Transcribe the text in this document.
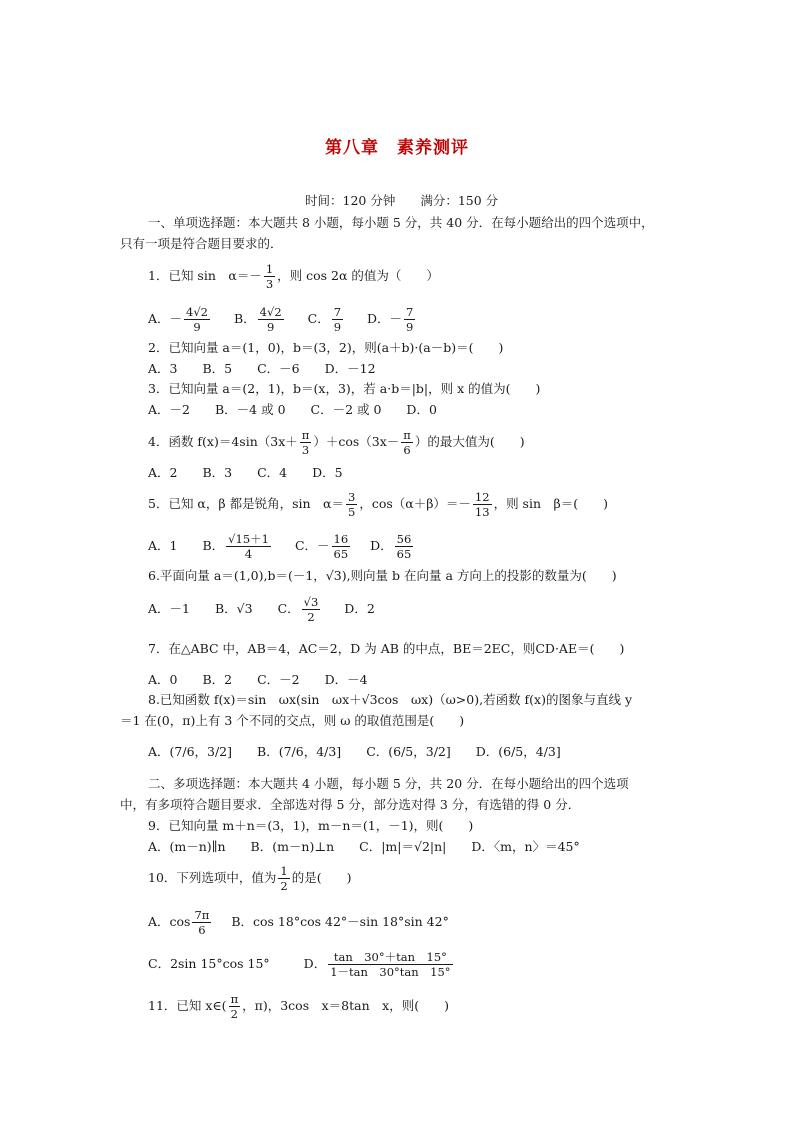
第八章　素养测评
时间：120 分钟　　满分：150 分
一、单项选择题：本大题共 8 小题，每小题 5 分，共 40 分．在每小题给出的四个选项中，
只有一项是符合题目要求的．
1．已知 sin　$\alpha=- \frac{1}{3}$ ，则 cos 2α 的值为（　　）
A．－ $\frac{4√2}{9}$ B． $\frac{4√2}{9}$ C． $\frac{7}{9}$ D．－ $\frac{7}{9}$
2．已知向量 a＝(1，0)，b＝(3，2)，则(a＋b)·(a－b)＝(　　)
A．3　　B．5　　C．－6　　D．－12
3．已知向量 a＝(2，1)，b＝(x，3)，若 a·b＝|b|，则 x 的值为(　　)
A．－2　　B．－4 或 0　　C．－2 或 0　　D．0
4．函数 $f(x)=4\sin(3x+ \frac{\pi}{3} )+\cos(3x- \frac{\pi}{6}$ ）的最大值为(　　)
A．2　　B．3　　C．4　　D．5
5．已知 α，β 都是锐角，sin　$\alpha= \frac{3}{5}$ ，$\cos(\alpha+\beta)=- \frac{12}{13}$ ，则 sin　β＝(　　)
A．1　　B． $\frac{√15+1}{4}$ C．－ $\frac{16}{65}$ D． $\frac{56}{65}$
6.平面向量 a＝(1,0),b＝(－1，√3),则向量 b 在向量 a 方向上的投影的数量为(　　)
A．－1　　B．√3　　C． $\frac{√3}{2}$ D．2
7．在△ABC 中，AB＝4，AC＝2，D 为 AB 的中点，BE＝2EC，则CD·AE＝(　　)
A．0　　B．2　　C．－2　　D．－4
8.已知函数 f(x)＝sin　ωx(sin　ωx＋√3cos　ωx)（ω>0),若函数 f(x)的图象与直线 y
＝1 在(0，π)上有 3 个不同的交点，则 ω 的取值范围是(　　)
A．(7/6，3/2]　　B．(7/6，4/3]　　C．(6/5，3/2]　　D．(6/5，4/3]
二、多项选择题：本大题共 4 小题，每小题 5 分，共 20 分．在每小题给出的四个选项
中，有多项符合题目要求．全部选对得 5 分，部分选对得 3 分，有选错的得 0 分．
9．已知向量 m＋n＝(3，1)，m－n＝(1，－1)，则(　　)
A．(m－n)∥n　　B．(m－n)⊥n　　C．|m|＝√2|n|　　D．〈m，n〉＝45°
10．下列选项中，值为 $\frac{1}{2}$ 的是(　　)
A．$\cos \frac{7\pi}{6}$ B．cos 18°cos 42°－sin 18°sin 42°
C．2sin 15°cos 15°	D． $\frac{\tan 30^\circ+\tan 15^\circ}{1-\tan 30^\circ\tan 15^\circ}$
11．已知 x∈( $\frac{\pi}{2}$ ，π)，3cos　x＝8tan　x，则(　　)
